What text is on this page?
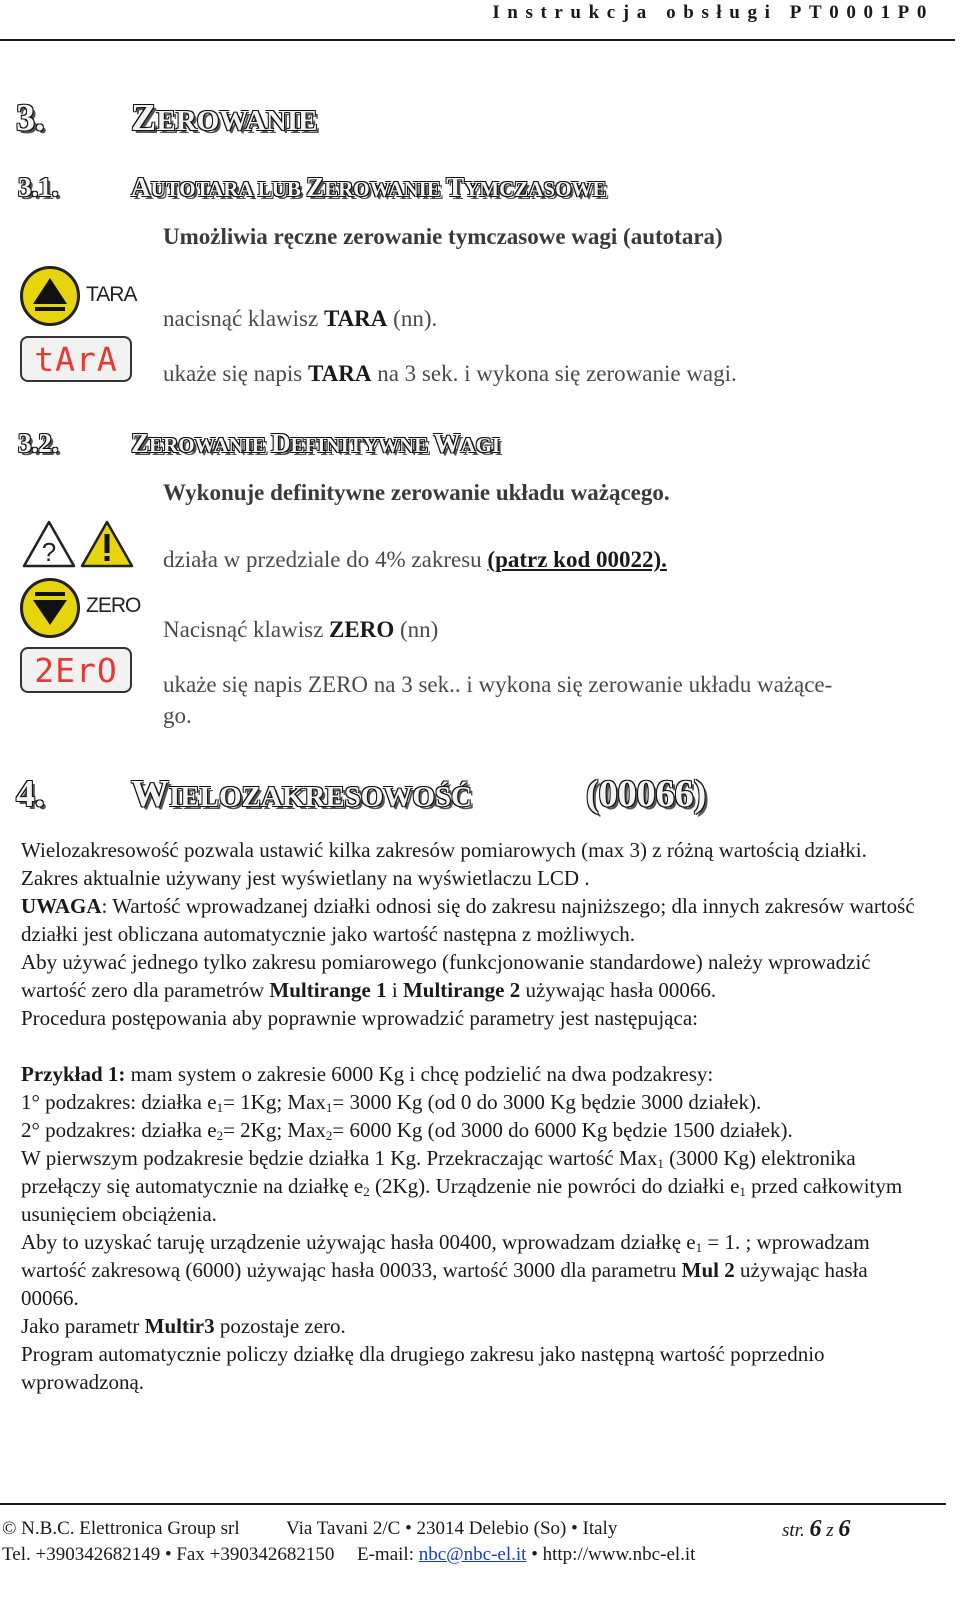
Instrukcja obsługi PT0001P0
3. ZEROWANIE
3.1.	AUTOTARA LUB ZEROWANIE TYMCZASOWE
Umożliwia ręczne zerowanie tymczasowe wagi (autotara)
TARA
tArA
nacisnąć klawisz TARA (nn).
ukaże się napis TARA na 3 sek. i wykona się zerowanie wagi.
3.2.	ZEROWANIE DEFINITYWNE WAGI
Wykonuje definitywne zerowanie układu ważącego.
?	działa w przedziale do 4% zakresu (patrz kod 00022).
ZERO
2ErO
Nacisnąć klawisz ZERO (nn)
ukaże się napis ZERO na 3 sek.. i wykona się zerowanie układu ważące-
go.
4. WIELOZAKRESOWOŚĆ	(00066)

Wielozakresowość pozwala ustawić kilka zakresów pomiarowych (max 3) z różną wartością działki.

Zakres aktualnie używany jest wyświetlany na wyświetlaczu LCD .

UWAGA: Wartość wprowadzanej działki odnosi się do zakresu najniższego; dla innych zakresów wartość działki jest obliczana automatycznie jako wartość następna z możliwych.

Aby używać jednego tylko zakresu pomiarowego (funkcjonowanie standardowe) należy wprowadzić wartość zero dla parametrów Multirange 1 i Multirange 2 używając hasła 00066.

Procedura postępowania aby poprawnie wprowadzić parametry jest następująca:

Przykład 1: mam system o zakresie 6000 Kg i chcę podzielić na dwa podzakresy:

1° podzakres: działka $e_1= 1Kg$; Max$_1$= 3000 Kg (od 0 do 3000 Kg będzie 3000 działek).

2° podzakres: działka $e_2= 2Kg$; Max$_2$= 6000 Kg (od 3000 do 6000 Kg będzie 1500 działek).

W pierwszym podzakresie będzie działka 1 Kg. Przekraczając wartość Max$_1$ (3000 Kg) elektronika przełączy się automatycznie na działkę $e_2$ (2Kg). Urządzenie nie powróci do działki $e_1$ przed całkowitym usunięciem obciążenia.

Aby to uzyskać taruję urządzenie używając hasła 00400, wprowadzam działkę $e_1 = 1$. ; wprowadzam wartość zakresową (6000) używając hasła 00033, wartość 3000 dla parametru Mul 2 używając hasła 00066.

Jako parametr Multir3 pozostaje zero.

Program automatycznie policzy działkę dla drugiego zakresu jako następną wartość poprzednio wprowadzoną.

© N.B.C. Elettronica Group srl Via Tavani 2/C • 23014 Delebio (So) • Italy	str. 6 z 6
Tel. +390342682149 • Fax +390342682150 E-mail: nbc@nbc-el.it • http://www.nbc-el.it
